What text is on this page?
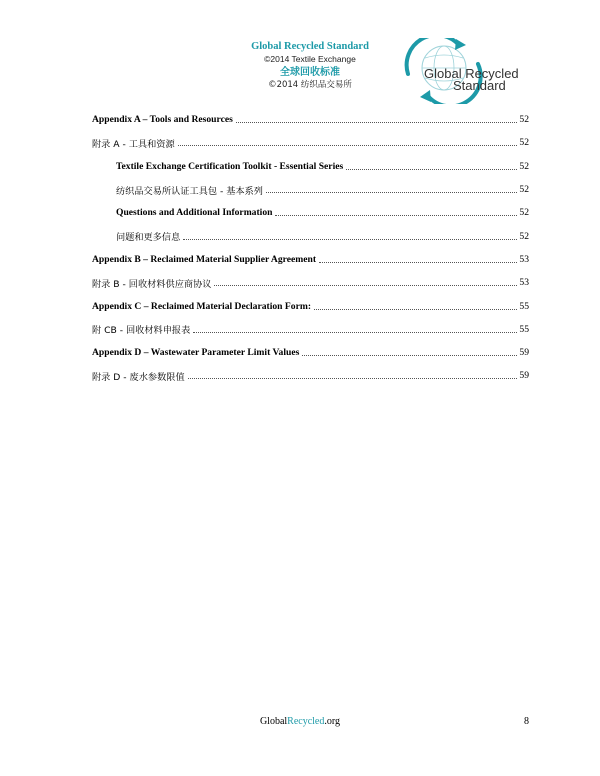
Global Recycled Standard
©2014 Textile Exchange
全球回收标准
©2014 纺织品交易所
Global Recycled
Standard
Appendix A – Tools and Resources	52
附录 A - 工具和资源	52
Textile Exchange Certification Toolkit - Essential Series	52
纺织品交易所认证工具包 - 基本系列	52
Questions and Additional Information	52
问题和更多信息	52
Appendix B – Reclaimed Material Supplier Agreement	53
附录 B - 回收材料供应商协议	53
Appendix C – Reclaimed Material Declaration Form:	55
附 CB - 回收材料申报表	55
Appendix D – Wastewater Parameter Limit Values	59
附录 D - 废水参数限值	59
GlobalRecycled.org	8
